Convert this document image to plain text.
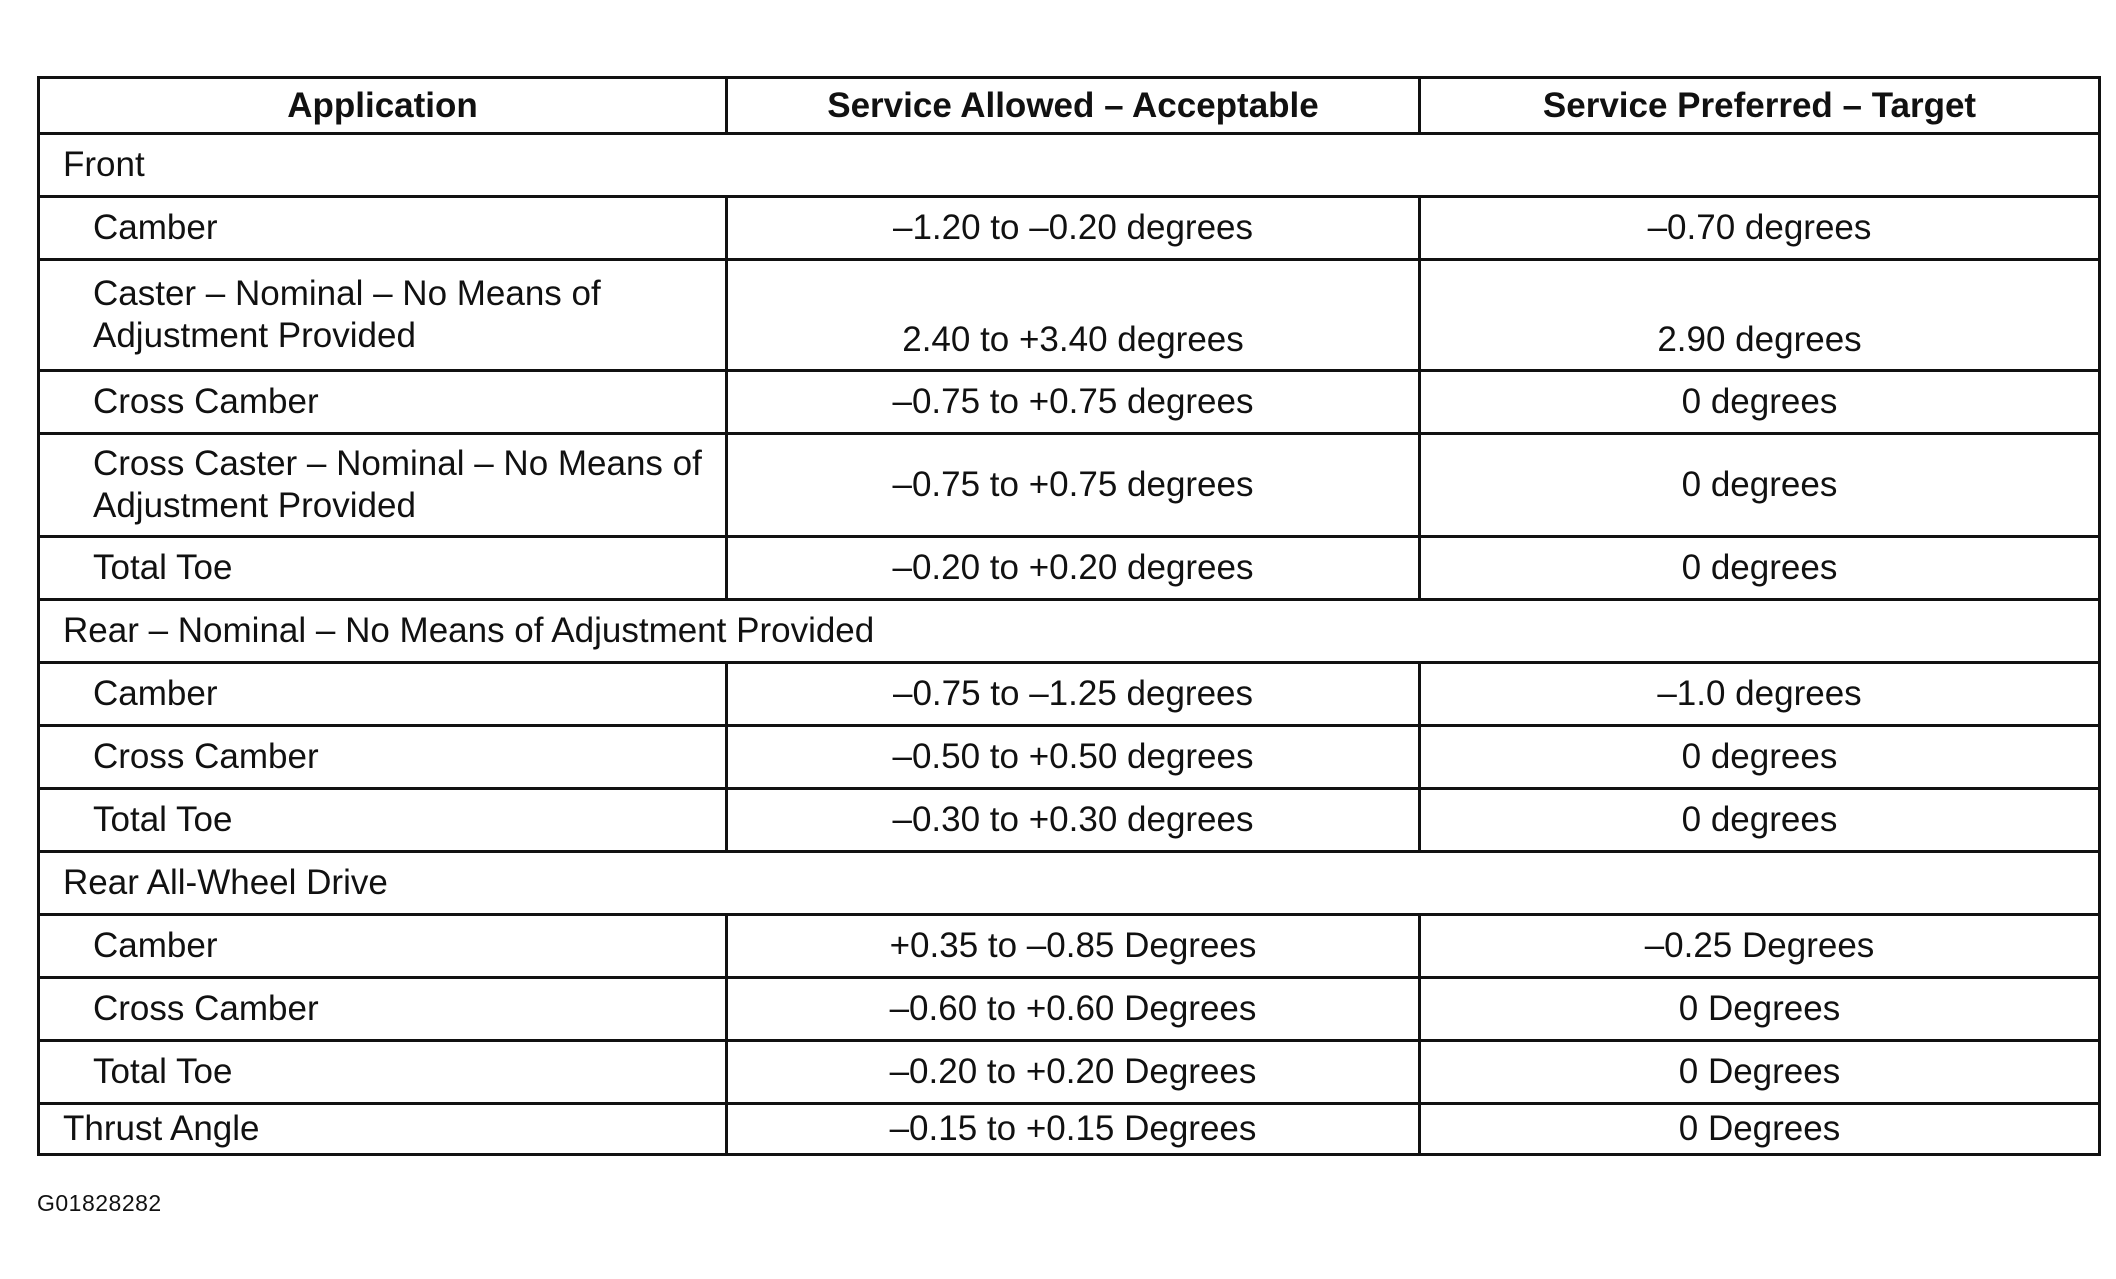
Application	Service Allowed – Acceptable	Service Preferred – Target
Front		
Camber	–1.20 to –0.20 degrees	–0.70 degrees
Caster – Nominal – No Means of Adjustment Provided	2.40 to +3.40 degrees	2.90 degrees
Cross Camber	–0.75 to +0.75 degrees	0 degrees
Cross Caster – Nominal – No Means of Adjustment Provided	–0.75 to +0.75 degrees	0 degrees
Total Toe	–0.20 to +0.20 degrees	0 degrees
Rear – Nominal – No Means of Adjustment Provided		
Camber	–0.75 to –1.25 degrees	–1.0 degrees
Cross Camber	–0.50 to +0.50 degrees	0 degrees
Total Toe	–0.30 to +0.30 degrees	0 degrees
Rear All-Wheel Drive		
Camber	+0.35 to –0.85 Degrees	–0.25 Degrees
Cross Camber	–0.60 to +0.60 Degrees	0 Degrees
Total Toe	–0.20 to +0.20 Degrees	0 Degrees
Thrust Angle	–0.15 to +0.15 Degrees	0 Degrees
G01828282
